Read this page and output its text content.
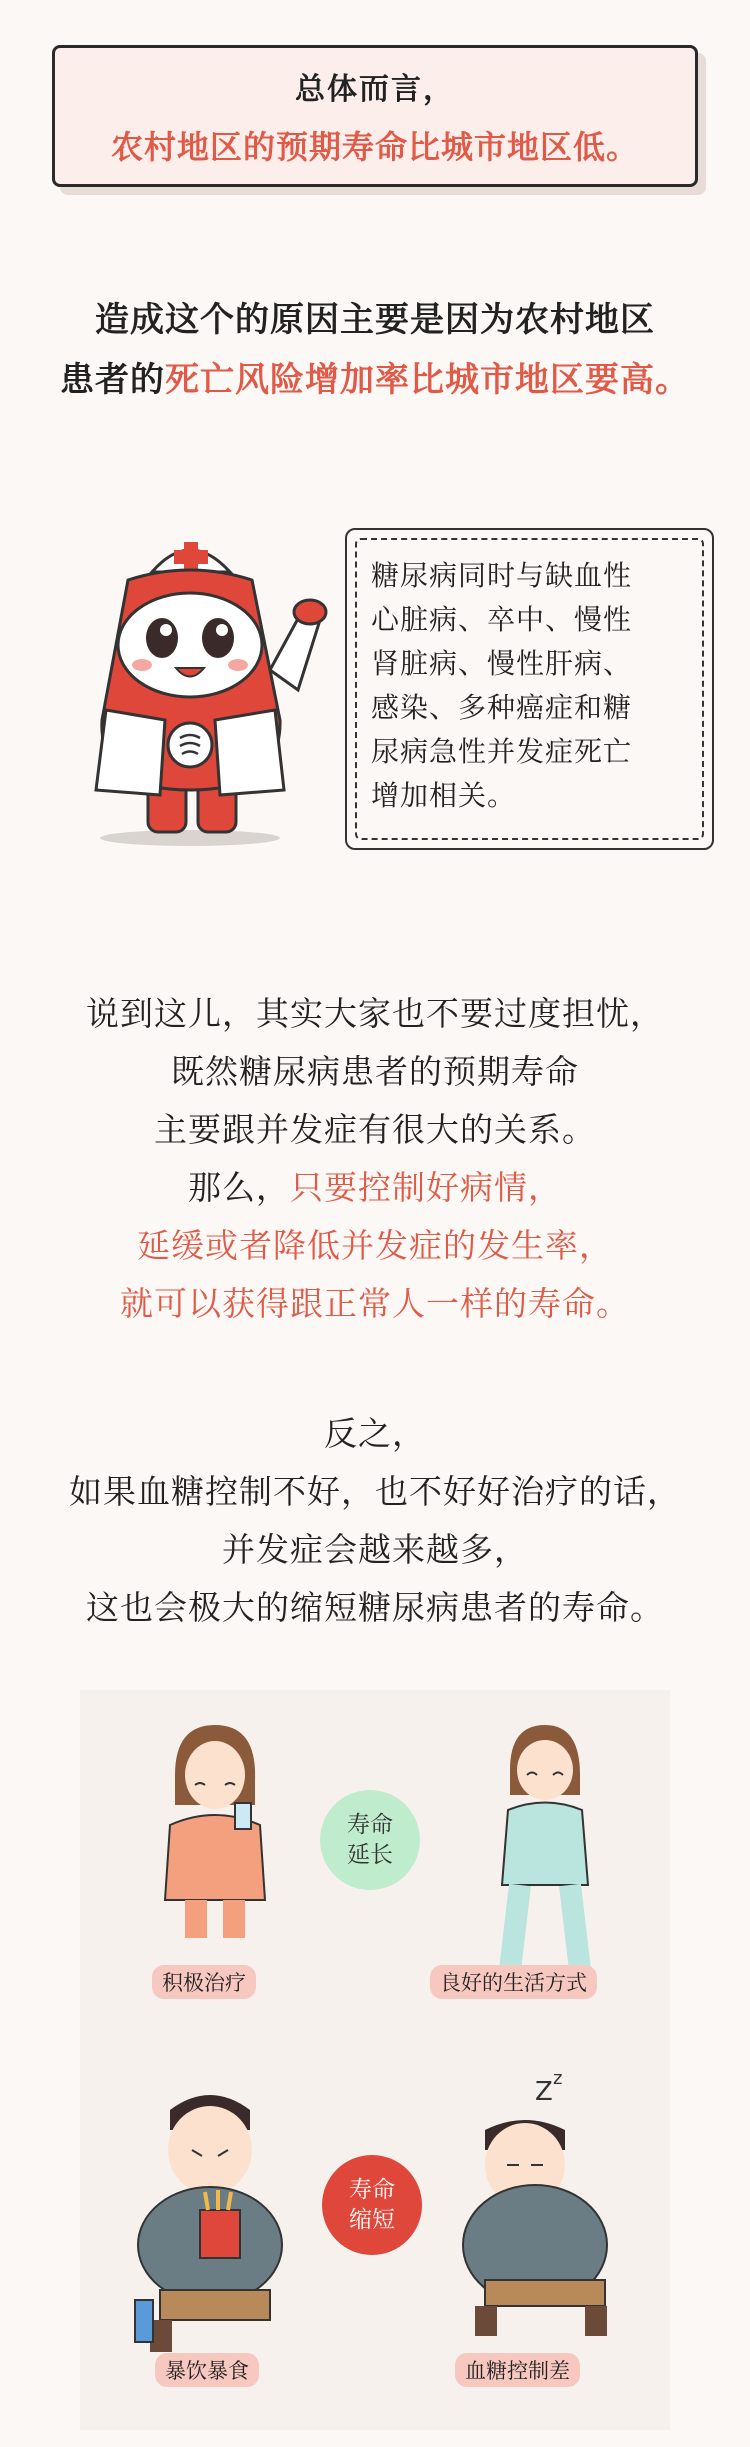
总体而言，
农村地区的预期寿命比城市地区低。
造成这个的原因主要是因为农村地区
患者的死亡风险增加率比城市地区要高。
糖尿病同时与缺血性
心脏病、卒中、慢性
肾脏病、慢性肝病、
感染、多种癌症和糖
尿病急性并发症死亡
增加相关。
说到这儿，其实大家也不要过度担忧，
既然糖尿病患者的预期寿命
主要跟并发症有很大的关系。
那么，只要控制好病情，
延缓或者降低并发症的发生率，
就可以获得跟正常人一样的寿命。
反之，
如果血糖控制不好，也不好好治疗的话，
并发症会越来越多，
这也会极大的缩短糖尿病患者的寿命。
寿命
延长
积极治疗	良好的生活方式
Z z
寿命
缩短
暴饮暴食	血糖控制差
